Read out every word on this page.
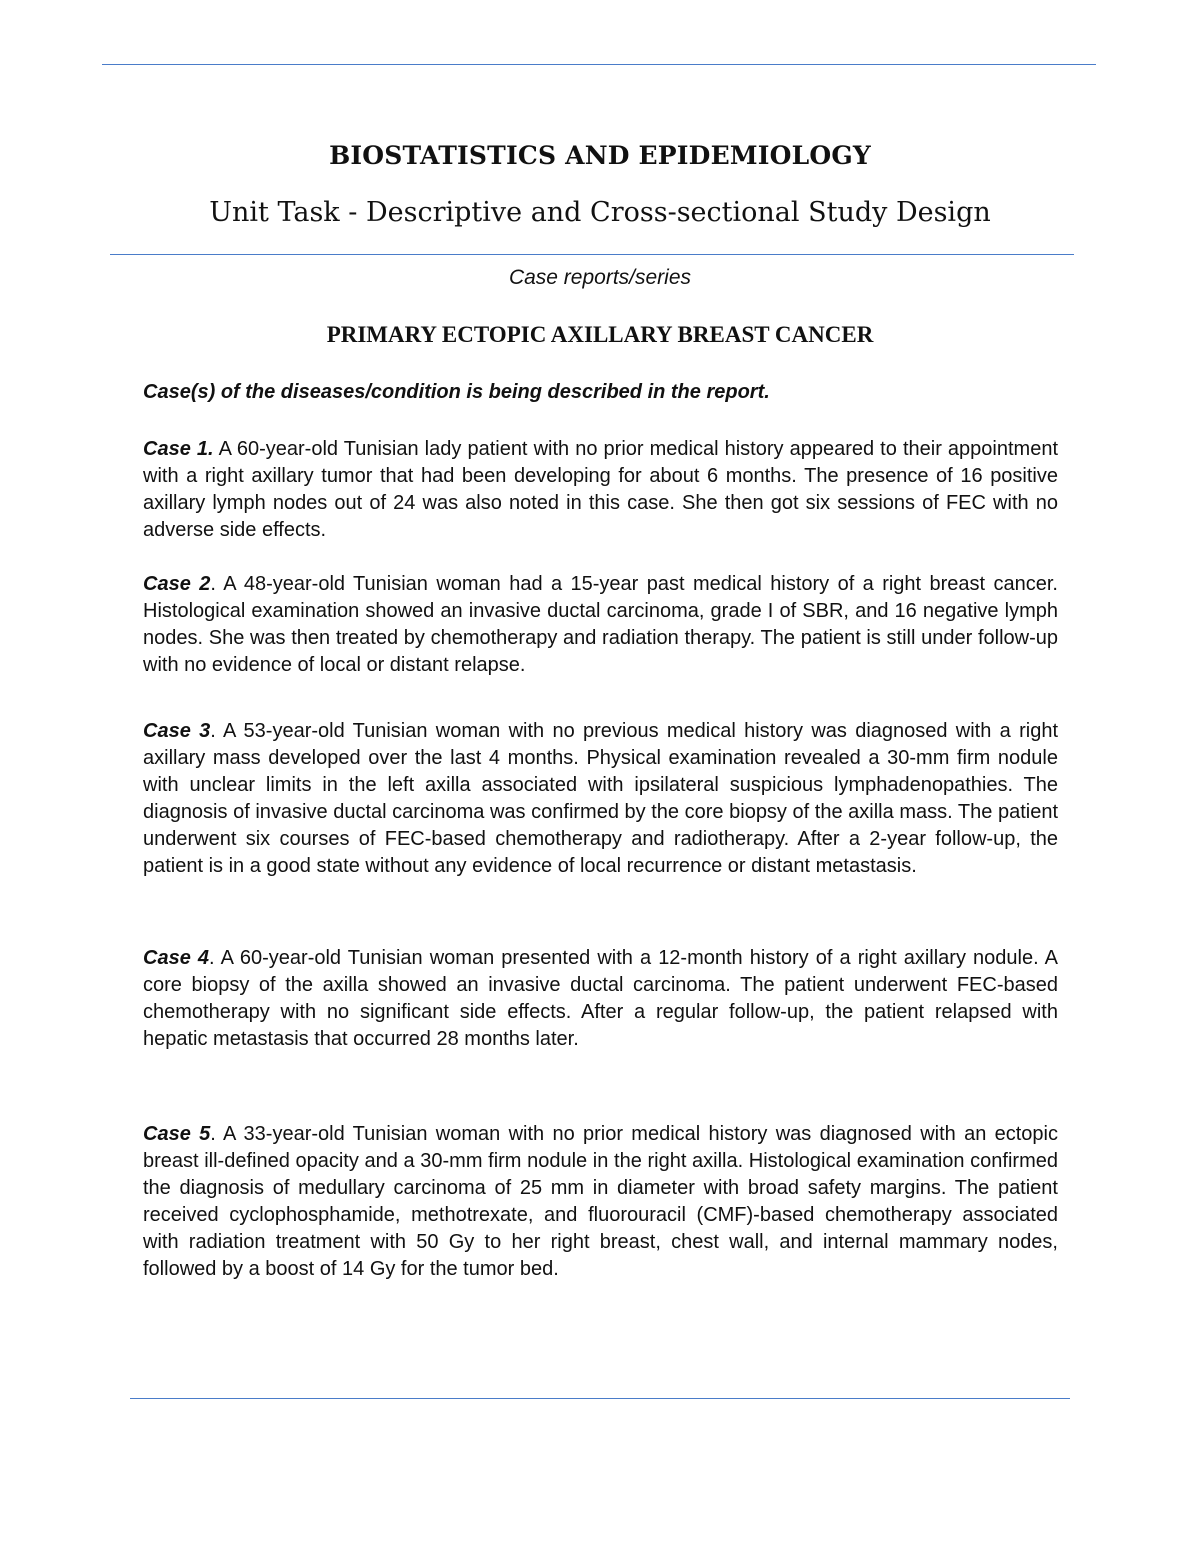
BIOSTATISTICS AND EPIDEMIOLOGY
Unit Task - Descriptive and Cross-sectional Study Design
Case reports/series
PRIMARY ECTOPIC AXILLARY BREAST CANCER
Case(s) of the diseases/condition is being described in the report.

Case 1. A 60-year-old Tunisian lady patient with no prior medical history appeared to their appointment with a right axillary tumor that had been developing for about 6 months. The presence of 16 positive axillary lymph nodes out of 24 was also noted in this case. She then got six sessions of FEC with no adverse side effects.

Case 2. A 48-year-old Tunisian woman had a 15-year past medical history of a right breast cancer. Histological examination showed an invasive ductal carcinoma, grade I of SBR, and 16 negative lymph nodes. She was then treated by chemotherapy and radiation therapy. The patient is still under follow-up with no evidence of local or distant relapse.

Case 3. A 53-year-old Tunisian woman with no previous medical history was diagnosed with a right axillary mass developed over the last 4 months. Physical examination revealed a 30-mm firm nodule with unclear limits in the left axilla associated with ipsilateral suspicious lymphadenopathies. The diagnosis of invasive ductal carcinoma was confirmed by the core biopsy of the axilla mass. The patient underwent six courses of FEC-based chemotherapy and radiotherapy. After a 2-year follow-up, the patient is in a good state without any evidence of local recurrence or distant metastasis.

Case 4. A 60-year-old Tunisian woman presented with a 12-month history of a right axillary nodule. A core biopsy of the axilla showed an invasive ductal carcinoma. The patient underwent FEC-based chemotherapy with no significant side effects. After a regular follow-up, the patient relapsed with hepatic metastasis that occurred 28 months later.

Case 5. A 33-year-old Tunisian woman with no prior medical history was diagnosed with an ectopic breast ill-defined opacity and a 30-mm firm nodule in the right axilla. Histological examination confirmed the diagnosis of medullary carcinoma of 25 mm in diameter with broad safety margins. The patient received cyclophosphamide, methotrexate, and fluorouracil (CMF)-based chemotherapy associated with radiation treatment with 50 Gy to her right breast, chest wall, and internal mammary nodes, followed by a boost of 14 Gy for the tumor bed.
